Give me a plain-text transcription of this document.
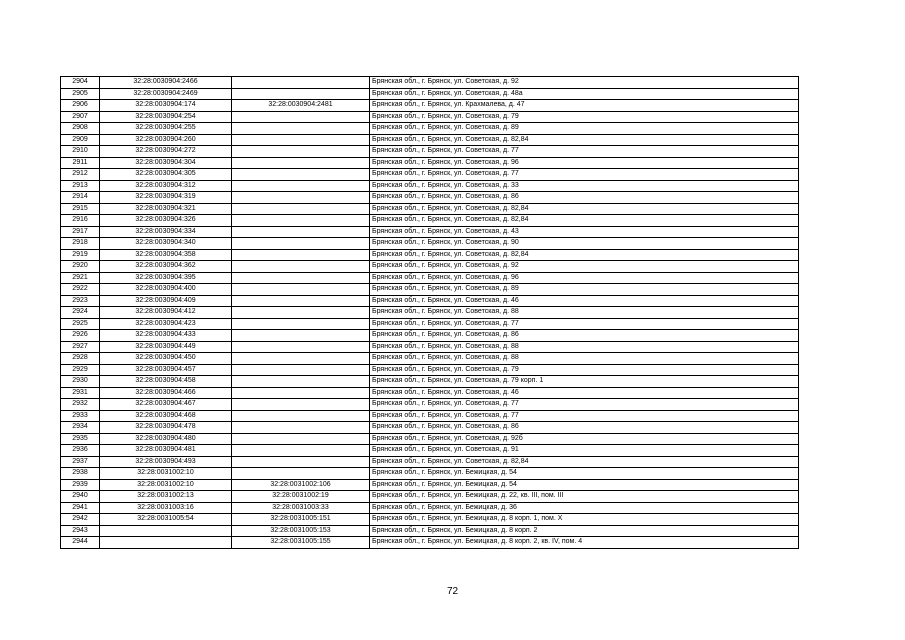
2904	32:28:0030904:2466		Брянская обл., г. Брянск, ул. Советская, д. 92
2905	32:28:0030904:2469		Брянская обл., г. Брянск, ул. Советская, д. 48а
2906	32:28:0030904:174	32:28:0030904:2481	Брянская обл., г. Брянск, ул. Крахмалева, д. 47
2907	32:28:0030904:254		Брянская обл., г. Брянск, ул. Советская, д. 79
2908	32:28:0030904:255		Брянская обл., г. Брянск, ул. Советская, д. 89
2909	32:28:0030904:260		Брянская обл., г. Брянск, ул. Советская, д. 82,84
2910	32:28:0030904:272		Брянская обл., г. Брянск, ул. Советская, д. 77
2911	32:28:0030904:304		Брянская обл., г. Брянск, ул. Советская, д. 96
2912	32:28:0030904:305		Брянская обл., г. Брянск, ул. Советская, д. 77
2913	32:28:0030904:312		Брянская обл., г. Брянск, ул. Советская, д. 33
2914	32:28:0030904:319		Брянская обл., г. Брянск, ул. Советская, д. 86
2915	32:28:0030904:321		Брянская обл., г. Брянск, ул. Советская, д. 82,84
2916	32:28:0030904:326		Брянская обл., г. Брянск, ул. Советская, д. 82,84
2917	32:28:0030904:334		Брянская обл., г. Брянск, ул. Советская, д. 43
2918	32:28:0030904:340		Брянская обл., г. Брянск, ул. Советская, д. 90
2919	32:28:0030904:358		Брянская обл., г. Брянск, ул. Советская, д. 82,84
2920	32:28:0030904:362		Брянская обл., г. Брянск, ул. Советская, д. 92
2921	32:28:0030904:395		Брянская обл., г. Брянск, ул. Советская, д. 96
2922	32:28:0030904:400		Брянская обл., г. Брянск, ул. Советская, д. 89
2923	32:28:0030904:409		Брянская обл., г. Брянск, ул. Советская, д. 46
2924	32:28:0030904:412		Брянская обл., г. Брянск, ул. Советская, д. 88
2925	32:28:0030904:423		Брянская обл., г. Брянск, ул. Советская, д. 77
2926	32:28:0030904:433		Брянская обл., г. Брянск, ул. Советская, д. 86
2927	32:28:0030904:449		Брянская обл., г. Брянск, ул. Советская, д. 88
2928	32:28:0030904:450		Брянская обл., г. Брянск, ул. Советская, д. 88
2929	32:28:0030904:457		Брянская обл., г. Брянск, ул. Советская, д. 79
2930	32:28:0030904:458		Брянская обл., г. Брянск, ул. Советская, д. 79 корп. 1
2931	32:28:0030904:466		Брянская обл., г. Брянск, ул. Советская, д. 46
2932	32:28:0030904:467		Брянская обл., г. Брянск, ул. Советская, д. 77
2933	32:28:0030904:468		Брянская обл., г. Брянск, ул. Советская, д. 77
2934	32:28:0030904:478		Брянская обл., г. Брянск, ул. Советская, д. 86
2935	32:28:0030904:480		Брянская обл., г. Брянск, ул. Советская, д. 92б
2936	32:28:0030904:481		Брянская обл., г. Брянск, ул. Советская, д. 91
2937	32:28:0030904:493		Брянская обл., г. Брянск, ул. Советская, д. 82,84
2938	32:28:0031002:10		Брянская обл., г. Брянск, ул. Бежицкая, д. 54
2939	32:28:0031002:10	32:28:0031002:106	Брянская обл., г. Брянск, ул. Бежицкая, д. 54
2940	32:28:0031002:13	32:28:0031002:19	Брянская обл., г. Брянск, ул. Бежицкая, д. 22, кв. III, пом. III
2941	32:28:0031003:16	32:28:0031003:33	Брянская обл., г. Брянск, ул. Бежицкая, д. 36
2942	32:28:0031005:54	32:28:0031005:151	Брянская обл., г. Брянск, ул. Бежицкая, д. 8 корп. 1, пом. X
2943		32:28:0031005:153	Брянская обл., г. Брянск, ул. Бежицкая, д. 8 корп. 2
2944		32:28:0031005:155	Брянская обл., г. Брянск, ул. Бежицкая, д. 8 корп. 2, кв. IV, пом. 4
72
